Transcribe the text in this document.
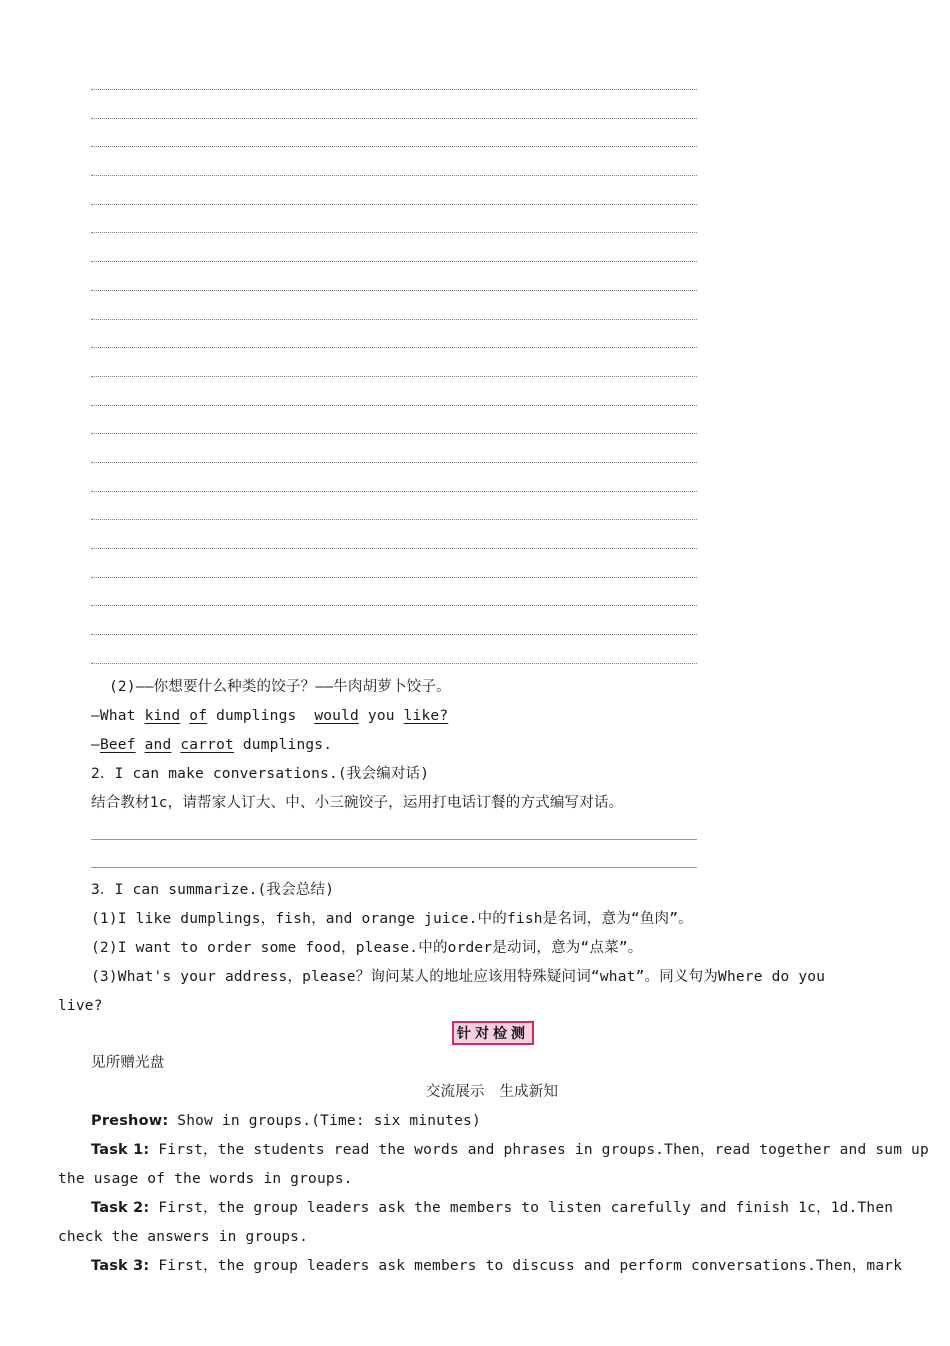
(2)——你想要什么种类的饺子？——牛肉胡萝卜饺子。
—What kind of dumplings  would you like?
—Beef and carrot dumplings.
2．I can make conversations.(我会编对话)
结合教材1c，请帮家人订大、中、小三碗饺子，运用打电话订餐的方式编写对话。
3．I can summarize.(我会总结)
(1)I like dumplings，fish，and orange juice.中的fish是名词，意为“鱼肉”。
(2)I want to order some food，please.中的order是动词，意为“点菜”。
(3)What's your address，please？询问某人的地址应该用特殊疑问词“what”。同义句为Where do you
live?
针对检测
见所赠光盘
交流展示　生成新知
Preshow: Show in groups.(Time: six minutes)
Task 1: First，the students read the words and phrases in groups.Then，read together and sum up
the usage of the words in groups.
Task 2: First，the group leaders ask the members to listen carefully and finish 1c，1d.Then
check the answers in groups.
Task 3: First，the group leaders ask members to discuss and perform conversations.Then，mark
